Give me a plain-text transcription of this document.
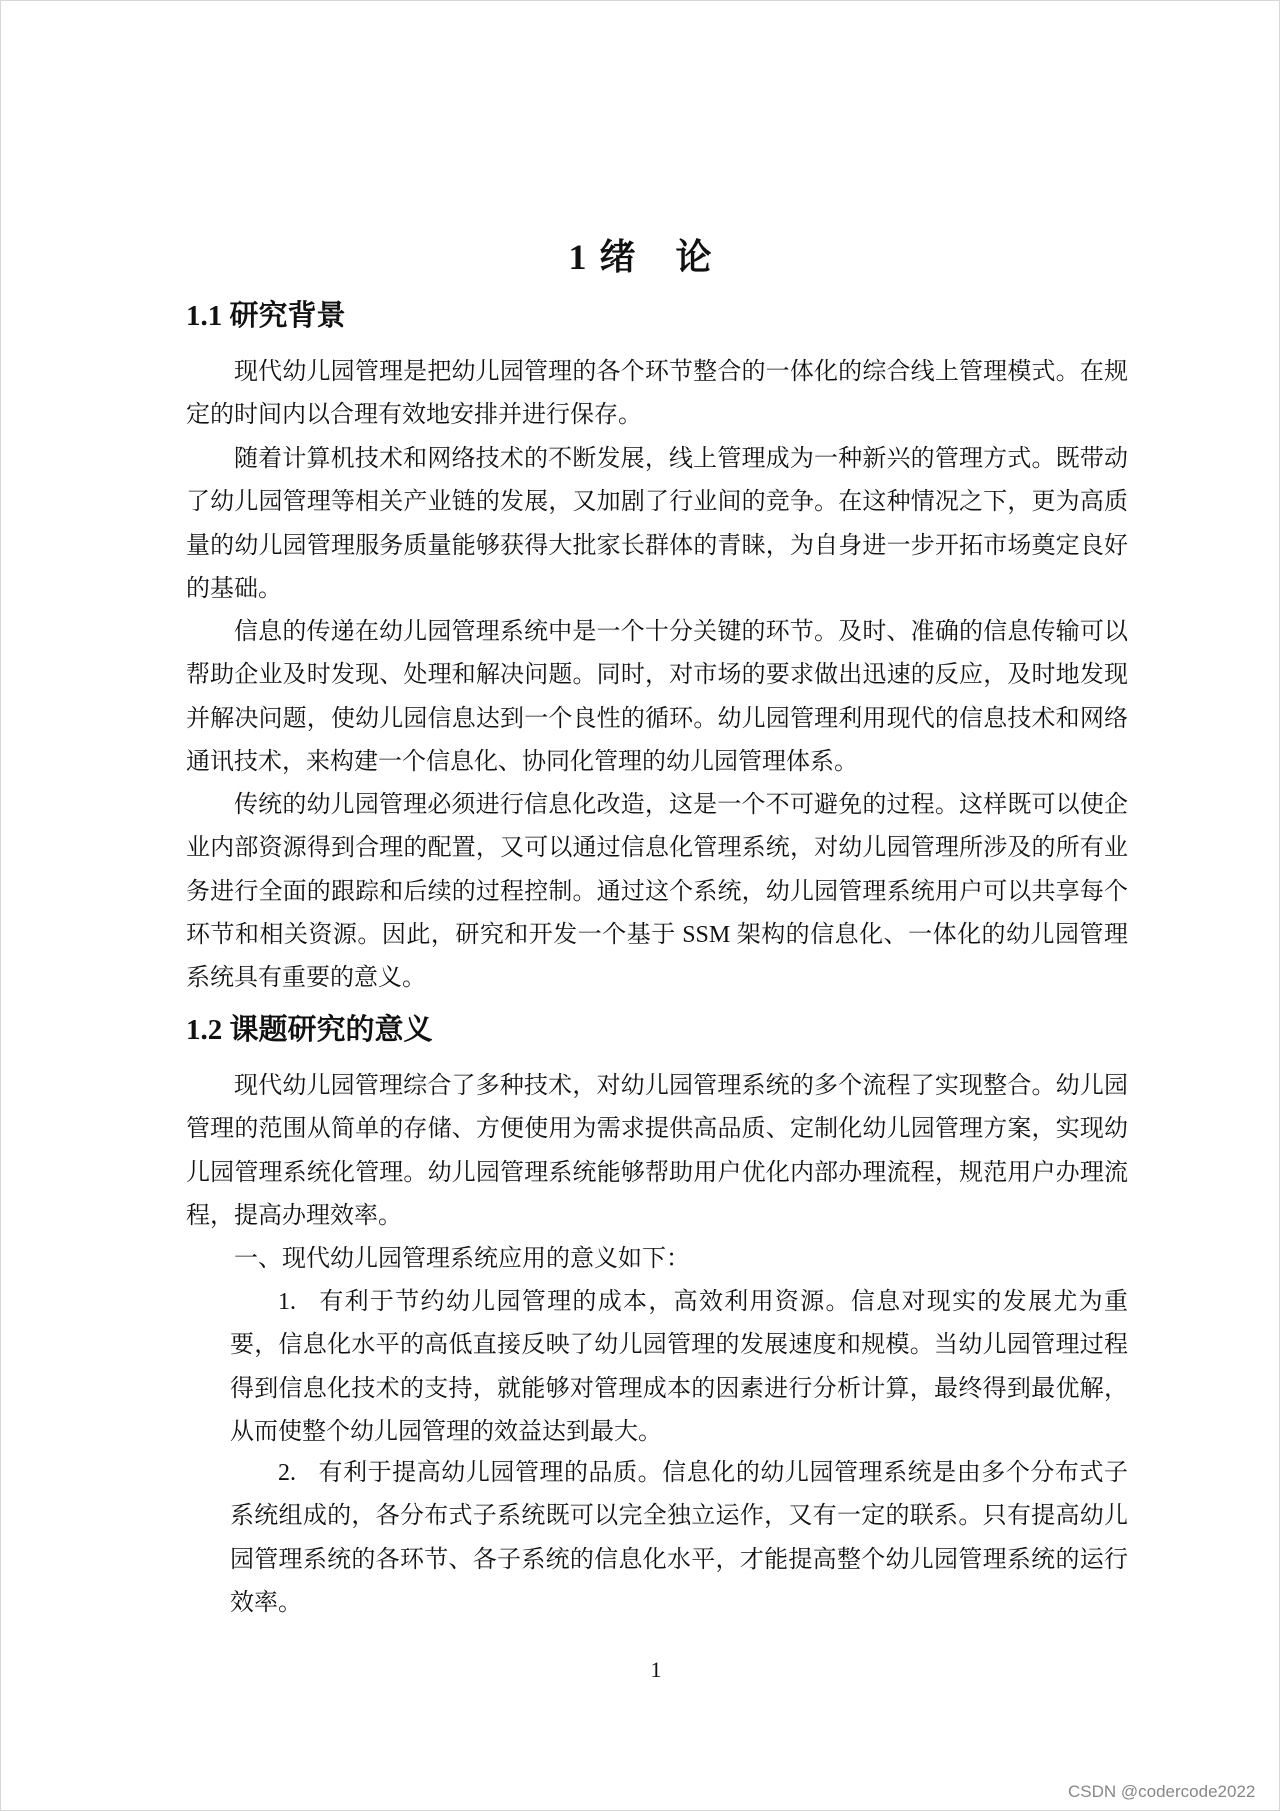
1 绪　论
1.1 研究背景
现代幼儿园管理是把幼儿园管理的各个环节整合的一体化的综合线上管理模式。在规定的时间内以合理有效地安排并进行保存。
随着计算机技术和网络技术的不断发展，线上管理成为一种新兴的管理方式。既带动了幼儿园管理等相关产业链的发展，又加剧了行业间的竞争。在这种情况之下，更为高质量的幼儿园管理服务质量能够获得大批家长群体的青睐，为自身进一步开拓市场奠定良好的基础。
信息的传递在幼儿园管理系统中是一个十分关键的环节。及时、准确的信息传输可以帮助企业及时发现、处理和解决问题。同时，对市场的要求做出迅速的反应，及时地发现并解决问题，使幼儿园信息达到一个良性的循环。幼儿园管理利用现代的信息技术和网络通讯技术，来构建一个信息化、协同化管理的幼儿园管理体系。
传统的幼儿园管理必须进行信息化改造，这是一个不可避免的过程。这样既可以使企业内部资源得到合理的配置，又可以通过信息化管理系统，对幼儿园管理所涉及的所有业务进行全面的跟踪和后续的过程控制。通过这个系统，幼儿园管理系统用户可以共享每个环节和相关资源。因此，研究和开发一个基于 SSM 架构的信息化、一体化的幼儿园管理系统具有重要的意义。
1.2 课题研究的意义
现代幼儿园管理综合了多种技术，对幼儿园管理系统的多个流程了实现整合。幼儿园管理的范围从简单的存储、方便使用为需求提供高品质、定制化幼儿园管理方案，实现幼儿园管理系统化管理。幼儿园管理系统能够帮助用户优化内部办理流程，规范用户办理流程，提高办理效率。
一、现代幼儿园管理系统应用的意义如下：
1. 有利于节约幼儿园管理的成本，高效利用资源。信息对现实的发展尤为重要，信息化水平的高低直接反映了幼儿园管理的发展速度和规模。当幼儿园管理过程得到信息化技术的支持，就能够对管理成本的因素进行分析计算，最终得到最优解，从而使整个幼儿园管理的效益达到最大。
2. 有利于提高幼儿园管理的品质。信息化的幼儿园管理系统是由多个分布式子系统组成的，各分布式子系统既可以完全独立运作，又有一定的联系。只有提高幼儿园管理系统的各环节、各子系统的信息化水平，才能提高整个幼儿园管理系统的运行效率。
1
CSDN @codercode2022
